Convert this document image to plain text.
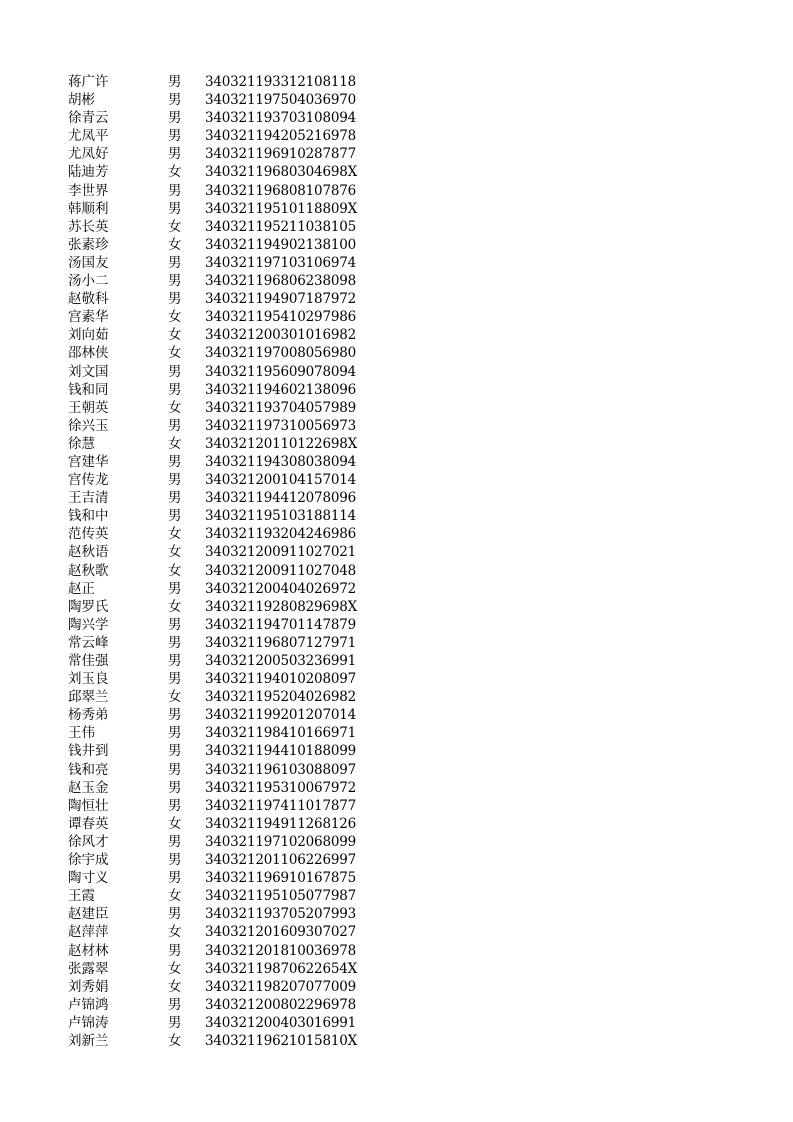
蒋广许	男 340321193312108118
胡彬	男 340321197504036970
徐青云	男 340321193703108094
尤凤平	男 340321194205216978
尤凤好	男 340321196910287877
陆迪芳	女 34032119680304698X
李世界	男 340321196808107876
韩顺利	男 34032119510118809X
苏长英	女 340321195211038105
张素珍	女 340321194902138100
汤国友	男 340321197103106974
汤小二	男 340321196806238098
赵敬科	男 340321194907187972
宫素华	女 340321195410297986
刘向茹	女 340321200301016982
邵林侠	女 340321197008056980
刘文国	男 340321195609078094
钱和同	男 340321194602138096
王朝英	女 340321193704057989
徐兴玉	男 340321197310056973
徐慧	女 34032120110122698X
宫建华	男 340321194308038094
宫传龙	男 340321200104157014
王吉清	男 340321194412078096
钱和中	男 340321195103188114
范传英	女 340321193204246986
赵秋语	女 340321200911027021
赵秋歌	女 340321200911027048
赵正	男 340321200404026972
陶罗氏	女 34032119280829698X
陶兴学	男 340321194701147879
常云峰	男 340321196807127971
常佳强	男 340321200503236991
刘玉良	男 340321194010208097
邱翠兰	女 340321195204026982
杨秀弟	男 340321199201207014
王伟	男 340321198410166971
钱井到	男 340321194410188099
钱和亮	男 340321196103088097
赵玉金	男 340321195310067972
陶恒壮	男 340321197411017877
谭春英	女 340321194911268126
徐风才	男 340321197102068099
徐宇成	男 340321201106226997
陶寸义	男 340321196910167875
王霞	女 340321195105077987
赵建臣	男 340321193705207993
赵萍萍	女 340321201609307027
赵材林	男 340321201810036978
张露翠	女 34032119870622654X
刘秀娟	女 340321198207077009
卢锦鸿	男 340321200802296978
卢锦涛	男 340321200403016991
刘新兰	女 34032119621015810X
